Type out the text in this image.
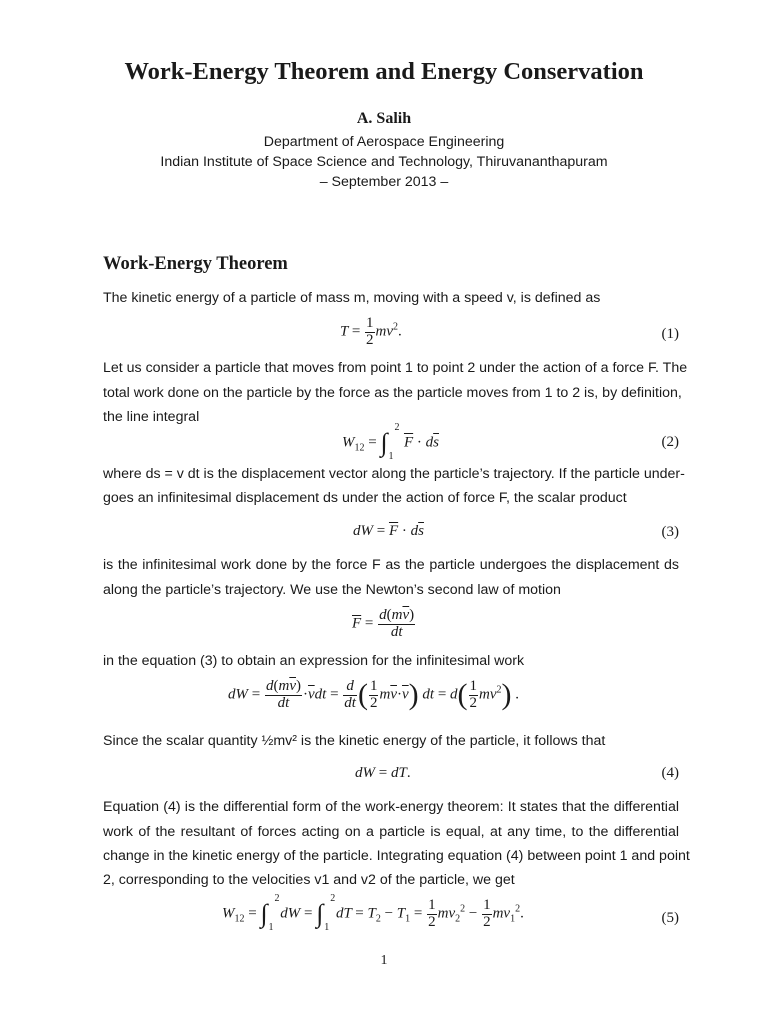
Work-Energy Theorem and Energy Conservation
A. Salih
Department of Aerospace Engineering
Indian Institute of Space Science and Technology, Thiruvananthapuram
– September 2013 –
Work-Energy Theorem
The kinetic energy of a particle of mass m, moving with a speed v, is defined as
$T = \frac{1}{2} mv^2$.	(1)
Let us consider a particle that moves from point 1 to point 2 under the action of a force F. The
total work done on the particle by the force as the particle moves from 1 to 2 is, by definition,
the line integral
$W_{12}$ = ∫
2
1
$\overline{F} \cdot d\overline{s}$	(2)
where ds = v dt is the displacement vector along the particle’s trajectory. If the particle under-
goes an infinitesimal displacement ds under the action of force F, the scalar product
dW = $\overline{F} \cdot d\overline{s}$	(3)
is the infinitesimal work done by the force F as the particle undergoes the displacement ds
along the particle’s trajectory. We use the Newton’s second law of motion
$\overline{F} = \frac{d(m\overline{v})}{dt}$
in the equation (3) to obtain an expression for the infinitesimal work
dW = $\frac{d(m\overline{v})}{dt} \cdot\overline{v}dt = \frac{d}{dt}$ ( $\frac{1}{2} m\overline{v}\cdot\overline{v}$) dt = $d( \frac{1}{2} mv^2)$ .
Since the scalar quantity ½mv² is the kinetic energy of the particle, it follows that
dW = dT.	(4)
Equation (4) is the differential form of the work-energy theorem: It states that the differential
work of the resultant of forces acting on a particle is equal, at any time, to the differential
change in the kinetic energy of the particle. Integrating equation (4) between point 1 and point
2, corresponding to the velocities v1 and v2 of the particle, we get
$W_{12}$ = ∫
2
1
dW = ∫
2
1
dT = $T_2 - T_1 = \frac{1}{2} mv_2^2 - \frac{1}{2} mv_1^2$.	(5)
1
